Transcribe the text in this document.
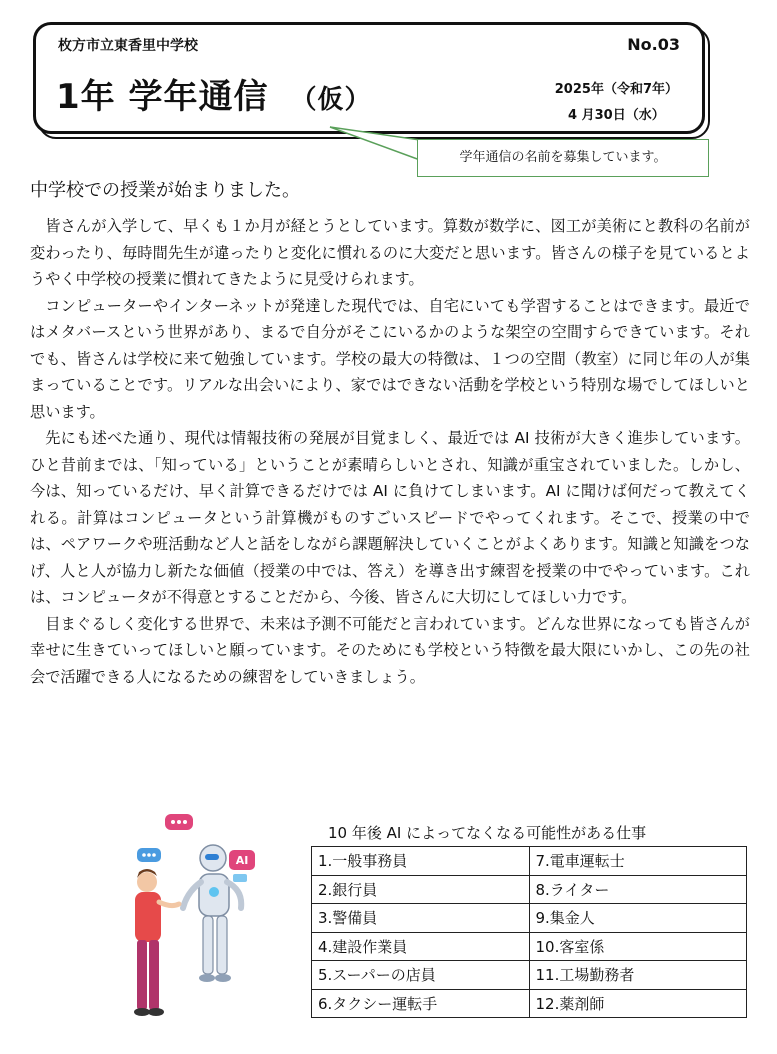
枚方市立東香里中学校	No.03
1年 学年通信 （仮）	2025年（令和7年）
4 月30日（水）
学年通信の名前を募集しています。
中学校での授業が始まりました。

皆さんが入学して、早くも１か月が経とうとしています。算数が数学に、図工が美術にと教科の名前が変わったり、毎時間先生が違ったりと変化に慣れるのに大変だと思います。皆さんの様子を見ているとようやく中学校の授業に慣れてきたように見受けられます。

コンピューターやインターネットが発達した現代では、自宅にいても学習することはできます。最近ではメタバースという世界があり、まるで自分がそこにいるかのような架空の空間すらできています。それでも、皆さんは学校に来て勉強しています。学校の最大の特徴は、１つの空間（教室）に同じ年の人が集まっていることです。リアルな出会いにより、家ではできない活動を学校という特別な場でしてほしいと思います。

先にも述べた通り、現代は情報技術の発展が目覚ましく、最近では AI 技術が大きく進歩しています。ひと昔前までは、「知っている」ということが素晴らしいとされ、知識が重宝されていました。しかし、今は、知っているだけ、早く計算できるだけでは AI に負けてしまいます。AI に聞けば何だって教えてくれる。計算はコンピュータという計算機がものすごいスピードでやってくれます。そこで、授業の中では、ペアワークや班活動など人と話をしながら課題解決していくことがよくあります。知識と知識をつなげ、人と人が協力し新たな価値（授業の中では、答え）を導き出す練習を授業の中でやっています。これは、コンピュータが不得意とすることだから、今後、皆さんに大切にしてほしい力です。

目まぐるしく変化する世界で、未来は予測不可能だと言われています。どんな世界になっても皆さんが幸せに生きていってほしいと願っています。そのためにも学校という特徴を最大限にいかし、この先の社会で活躍できる人になるための練習をしていきましょう。

AI
10 年後 AI によってなくなる可能性がある仕事
1.一般事務員	7.電車運転士
2.銀行員	8.ライター
3.警備員	9.集金人
4.建設作業員	10.客室係
5.スーパーの店員	11.工場勤務者
6.タクシー運転手	12.薬剤師
